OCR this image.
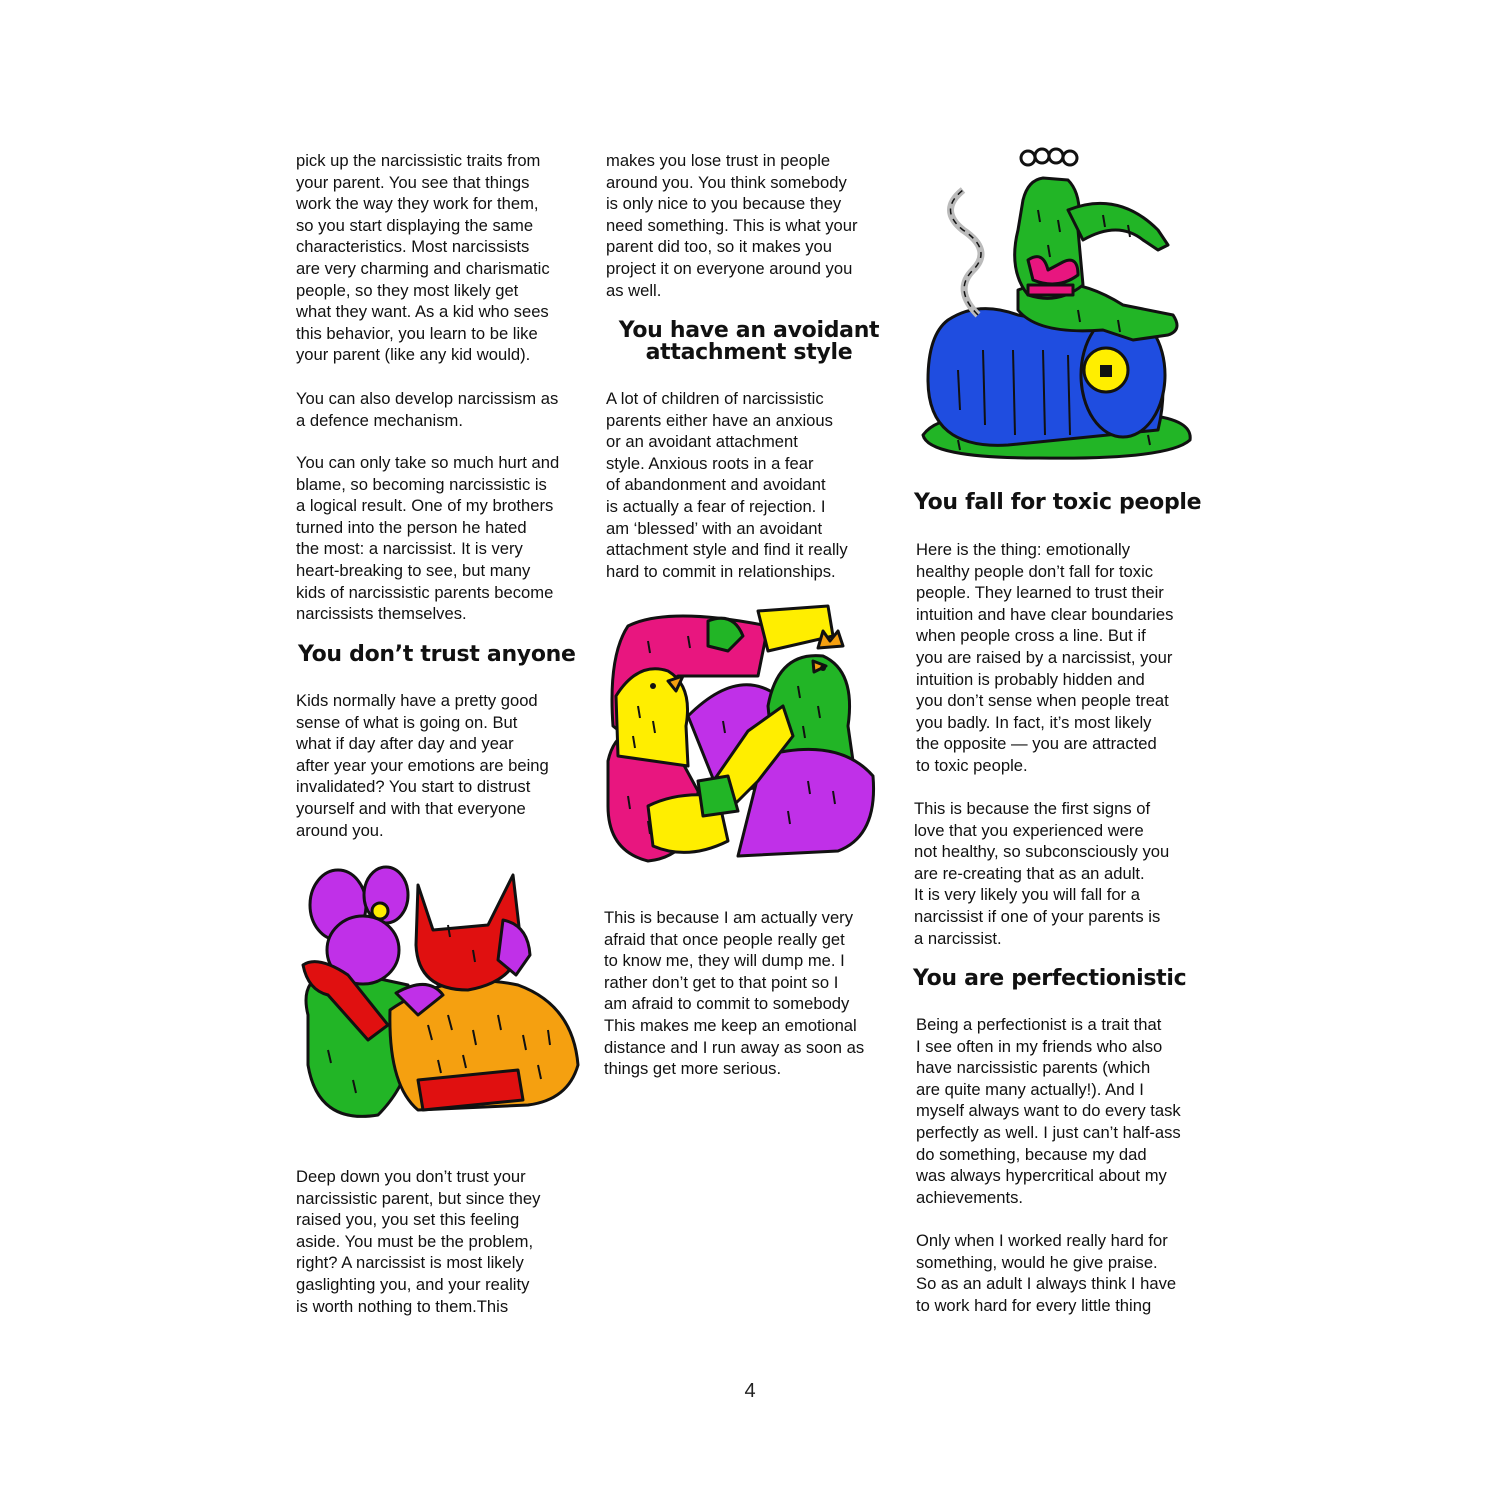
pick up the narcissistic traits from
your parent. You see that things
work the way they work for them,
so you start displaying the same
characteristics. Most narcissists
are very charming and charismatic
people, so they most likely get
what they want. As a kid who sees
this behavior, you learn to be like
your parent (like any kid would).

You can also develop narcissism as
a defence mechanism.

You can only take so much hurt and
blame, so becoming narcissistic is
a logical result. One of my brothers
turned into the person he hated
the most: a narcissist. It is very
heart-breaking to see, but many
kids of narcissistic parents become
narcissists themselves.

You don’t trust anyone

Kids normally have a pretty good
sense of what is going on. But
what if day after day and year
after year your emotions are being
invalidated? You start to distrust
yourself and with that everyone
around you.

Deep down you don’t trust your
narcissistic parent, but since they
raised you, you set this feeling
aside. You must be the problem,
right? A narcissist is most likely
gaslighting you, and your reality
is worth nothing to them.This

makes you lose trust in people
around you. You think somebody
is only nice to you because they
need something. This is what your
parent did too, so it makes you
project it on everyone around you
as well.

You have an avoidant
attachment style

A lot of children of narcissistic
parents either have an anxious
or an avoidant attachment
style. Anxious roots in a fear
of abandonment and avoidant
is actually a fear of rejection. I
am ‘blessed’ with an avoidant
attachment style and find it really
hard to commit in relationships.

This is because I am actually very
afraid that once people really get
to know me, they will dump me. I
rather don’t get to that point so I
am afraid to commit to somebody
This makes me keep an emotional
distance and I run away as soon as
things get more serious.

You fall for toxic people

Here is the thing: emotionally
healthy people don’t fall for toxic
people. They learned to trust their
intuition and have clear boundaries
when people cross a line. But if
you are raised by a narcissist, your
intuition is probably hidden and
you don’t sense when people treat
you badly. In fact, it’s most likely
the opposite — you are attracted
to toxic people.

This is because the first signs of
love that you experienced were
not healthy, so subconsciously you
are re-creating that as an adult.
It is very likely you will fall for a
narcissist if one of your parents is
a narcissist.

You are perfectionistic

Being a perfectionist is a trait that
I see often in my friends who also
have narcissistic parents (which
are quite many actually!). And I
myself always want to do every task
perfectly as well. I just can’t half-ass
do something, because my dad
was always hypercritical about my
achievements.

Only when I worked really hard for
something, would he give praise.
So as an adult I always think I have
to work hard for every little thing

4
